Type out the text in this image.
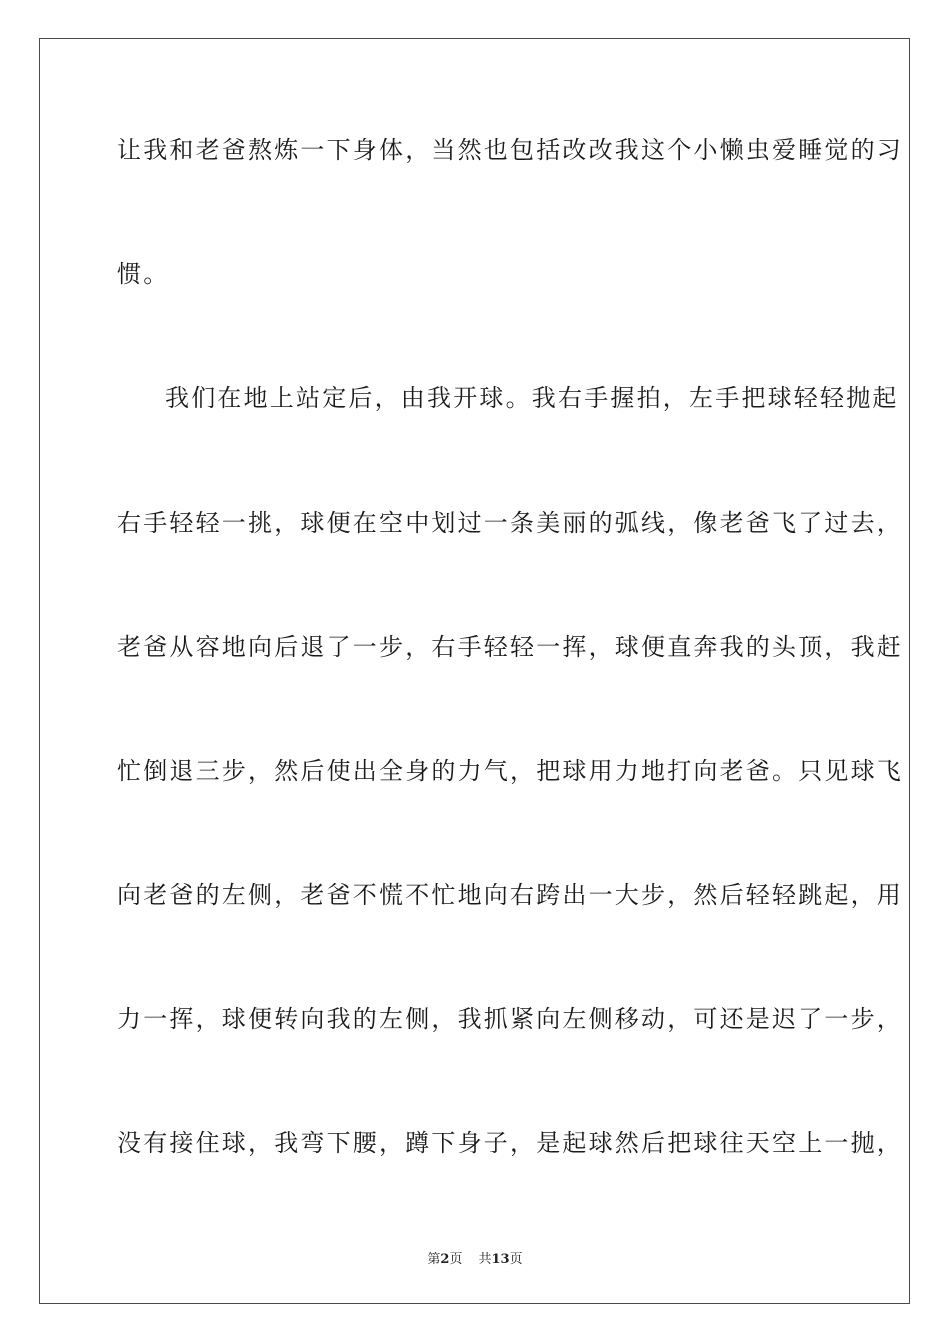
让我和老爸熬炼一下身体，当然也包括改改我这个小懒虫爱睡觉的习
惯。
我们在地上站定后，由我开球。我右手握拍，左手把球轻轻抛起
右手轻轻一挑，球便在空中划过一条美丽的弧线，像老爸飞了过去，
老爸从容地向后退了一步，右手轻轻一挥，球便直奔我的头顶，我赶
忙倒退三步，然后使出全身的力气，把球用力地打向老爸。只见球飞
向老爸的左侧，老爸不慌不忙地向右跨出一大步，然后轻轻跳起，用
力一挥，球便转向我的左侧，我抓紧向左侧移动，可还是迟了一步，
没有接住球，我弯下腰，蹲下身子，是起球然后把球往天空上一抛，
第2页 共13页
